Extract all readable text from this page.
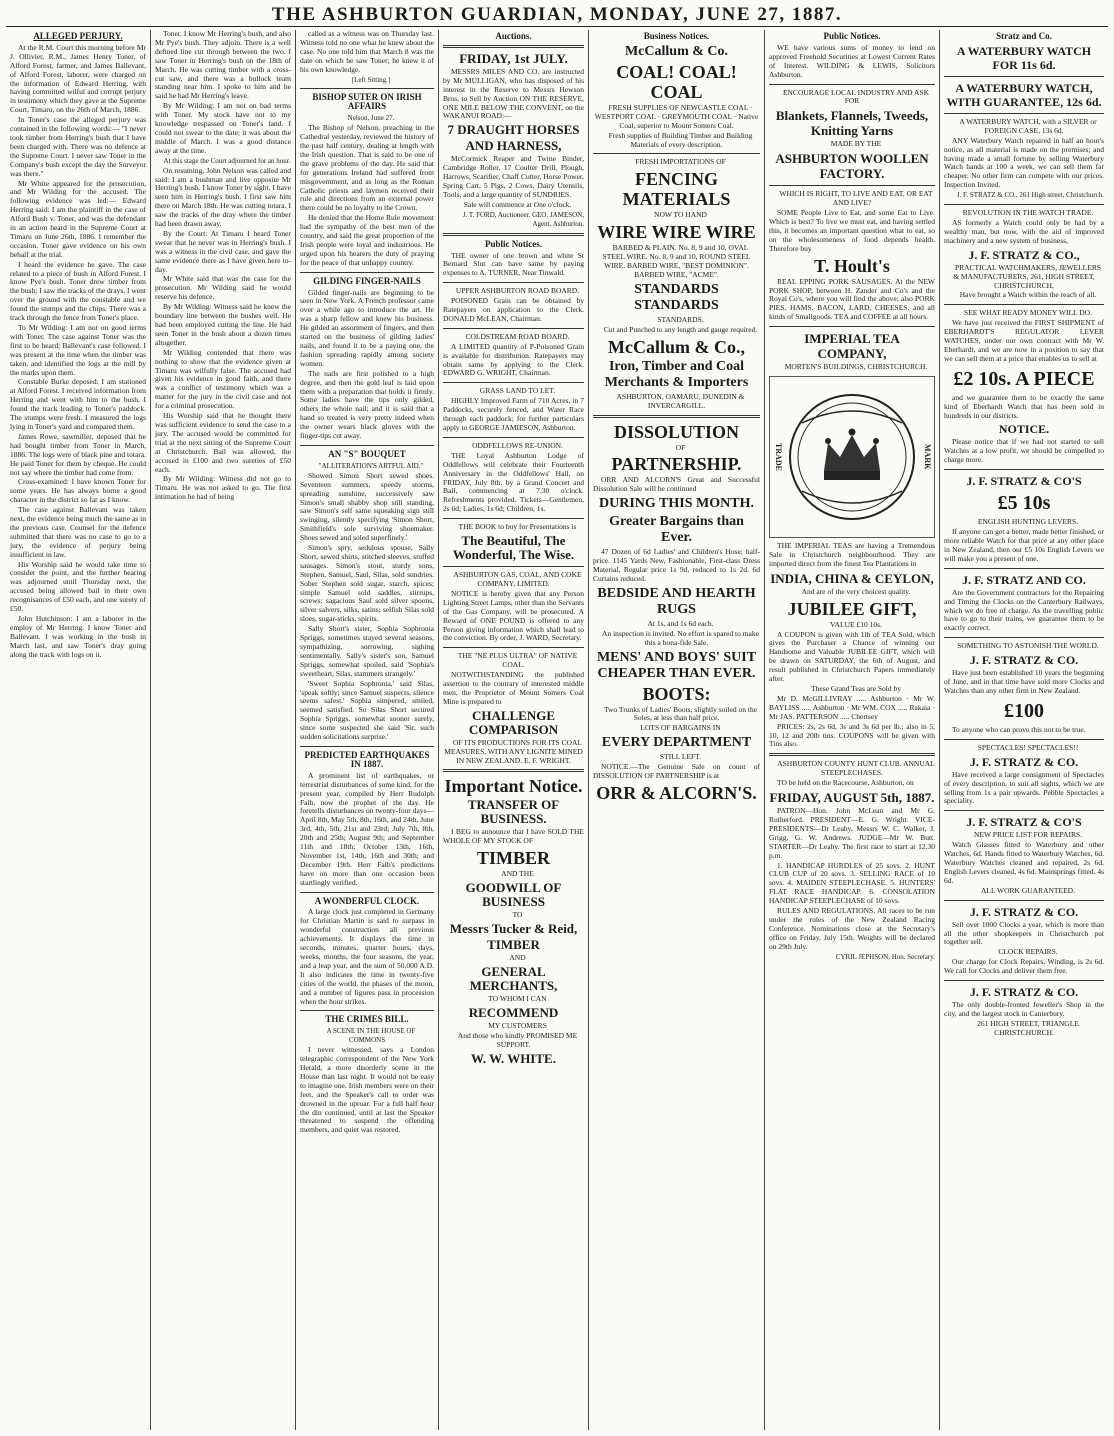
THE ASHBURTON GUARDIAN, MONDAY, JUNE 27, 1887.
ALLEGED PERJURY.

At the R.M. Court this morning before Mr J. Ollivier, R.M., James Henry Toner, of Alford Forest, farmer, and James Ballevant, of Alford Forest, laborer, were charged on the information of Edward Herring, with having committed wilful and corrupt perjury in testimony which they gave at the Supreme Court, Timaru, on the 26th of March, 1886.

In Toner's case the alleged perjury was contained in the following words:— "I never took timber from Herring's bush that I have been charged with. There was no defence at the Supreme Court. I never saw Toner in the Company's bush except the day the Surveyor was there."

Mr White appeared for the prosecution, and Mr Wilding for the accused. The following evidence was led:— Edward Herring said: I am the plaintiff in the case of Alford Bush v. Toner, and was the defendant in an action heard in the Supreme Court at Timaru on June 26th, 1886. I remember the occasion. Toner gave evidence on his own behalf at the trial.

I heard the evidence he gave. The case related to a piece of bush in Alford Forest. I know Pye's bush. Toner drew timber from the bush; I saw the tracks of the drays. I went over the ground with the constable and we found the stumps and the chips. There was a track through the fence from Toner's place.

To Mr Wilding: I am not on good terms with Toner. The case against Toner was the first to be heard; Ballevant's case followed. I was present at the time when the timber was taken, and identified the logs at the mill by the marks upon them.

Constable Burke deposed: I am stationed at Alford Forest. I received information from Herring and went with him to the bush. I found the track leading to Toner's paddock. The stumps were fresh. I measured the logs lying in Toner's yard and compared them.

James Rowe, sawmiller, deposed that he had bought timber from Toner in March, 1886. The logs were of black pine and totara. He paid Toner for them by cheque. He could not say where the timber had come from.

Cross-examined: I have known Toner for some years. He has always borne a good character in the district so far as I know.

The case against Ballevant was taken next, the evidence being much the same as in the previous case. Counsel for the defence submitted that there was no case to go to a jury, the evidence of perjury being insufficient in law.

His Worship said he would take time to consider the point, and the further hearing was adjourned until Thursday next, the accused being allowed bail in their own recognisances of £50 each, and one surety of £50.

John Hutchinson: I am a laborer in the employ of Mr Herring. I know Toner and Ballevant. I was working in the bush in March last, and saw Toner's dray going along the track with logs on it.

Toner. I know Mr Herring's bush, and also Mr Pye's bush. They adjoin. There is a well defined line cut through between the two. I saw Toner in Herring's bush on the 18th of March. He was cutting timber with a cross-cut saw, and there was a bullock team standing near him. I spoke to him and he said he had Mr Herring's leave.

By Mr Wilding: I am not on bad terms with Toner. My stock have not to my knowledge trespassed on Toner's land. I could not swear to the date; it was about the middle of March. I was a good distance away at the time.

At this stage the Court adjourned for an hour.

On resuming, John Nelson was called and said: I am a bushman and live opposite Mr Herring's bush. I know Toner by sight. I have seen him in Herring's bush. I first saw him there on March 18th. He was cutting totara. I saw the tracks of the dray where the timber had been drawn away.

By the Court: At Timaru I heard Toner swear that he never was in Herring's bush. I was a witness in the civil case, and gave the same evidence there as I have given here to-day.

Mr White said that was the case for the prosecution. Mr Wilding said he would reserve his defence.

By Mr Wilding: Witness said he knew the boundary line between the bushes well. He had been employed cutting the line. He had seen Toner in the bush about a dozen times altogether.

Mr Wilding contended that there was nothing to show that the evidence given at Timaru was wilfully false. The accused had given his evidence in good faith, and there was a conflict of testimony which was a matter for the jury in the civil case and not for a criminal prosecution.

His Worship said that he thought there was sufficient evidence to send the case to a jury. The accused would be committed for trial at the next sitting of the Supreme Court at Christchurch. Bail was allowed, the accused in £100 and two sureties of £50 each.

By Mr Wilding: Witness did not go to Timaru. He was not asked to go. The first intimation he had of being

called as a witness was on Thursday last. Witness told no one what he knew about the case. No one told him that March 8 was the date on which he saw Toner; he knew it of his own knowledge.

[Left Sitting.]

BISHOP SUTER ON IRISH AFFAIRS

Nelson, June 27.

The Bishop of Nelson, preaching in the Cathedral yesterday, reviewed the history of the past half century, dealing at length with the Irish question. That is said to be one of the grave problems of the day. He said that for generations Ireland had suffered from misgovernment, and as long as the Roman Catholic priests and laymen received their rule and directions from an external power there could be no loyalty to the Crown.

He denied that the Home Rule movement had the sympathy of the best men of the country, and said the great proportion of the Irish people were loyal and industrious. He urged upon his hearers the duty of praying for the peace of that unhappy country.

GILDING FINGER-NAILS

Gilded finger-nails are beginning to be seen in New York. A French professor came over a while ago to introduce the art. He was a sharp fellow and knew his business. He gilded an assortment of fingers, and then started on the business of gilding ladies' nails, and found it to be a paying one, the fashion spreading rapidly among society women.

The nails are first polished to a high degree, and then the gold leaf is laid upon them with a preparation that holds it firmly. Some ladies have the tips only gilded, others the whole nail; and it is said that a hand so treated is very pretty indeed when the owner wears black gloves with the finger-tips cut away.

AN "S" BOUQUET

"ALLITERATION'S ARTFUL AID."

Showed Simon Short sewed shoes. Seventeen summers, speedy storms, spreading sunshine, successively saw Simon's small shabby shop still standing, saw Simon's self same squeaking sign still swinging, silently specifying 'Simon Short, Smithfield's sole surviving shoemaker. Shoes sewed and soled superfinely.'

Simon's spry, sedulous spouse, Sally Short, sewed shirts, stitched sleeves, stuffed sausages. Simon's stout, sturdy sons, Stephen, Samuel, Saul, Silas, sold sundries. Sober Stephen sold sugar, starch, spices; simple Samuel sold saddles, stirrups, screws; sagacious Saul sold silver spoons, silver salvers, silks, satins; selfish Silas sold sloes, sugar-sticks, spirits.

Sally Short's sister, Sophia Sophronia Spriggs, sometimes stayed several seasons, sympathizing, sorrowing, sighing sentimentally. Sally's sister's son, Samuel Spriggs, somewhat spoiled, said 'Sophia's sweetheart, Silas, stammers strangely.'

'Sweet Sophia Sophronia,' said Silas, 'speak softly; since Samuel suspects, silence seems safest.' Sophia simpered, smiled, seemed satisfied. So Silas Short secured Sophia Spriggs, somewhat sooner surely, since some suspected she said 'Sir, such sudden solicitations surprise.'

PREDICTED EARTHQUAKES IN 1887.

A prominent list of earthquakes, or terrestrial disturbances of some kind, for the present year, compiled by Herr Rudolph Falb, now the prophet of the day. He foretells disturbances on twenty-four days—April 8th, May 5th, 8th, 16th, and 24th, June 3rd, 4th, 5th, 21st and 23rd; July 7th, 8th, 20th and 25th; August 9th; and September 11th and 18th; October 13th, 16th, November 1st, 14th, 16th and 30th; and December 19th. Herr Falb's predictions have on more than one occasion been startlingly verified.

A WONDERFUL CLOCK.

A large clock just completed in Germany for Christian Martin is said to surpass in wonderful construction all previous achievements. It displays the time in seconds, minutes, quarter hours, days, weeks, months, the four seasons, the year, and a leap year, and the sum of 50,000 A.D. It also indicates the time in twenty-five cities of the world, the phases of the moon, and a number of figures pass in procession when the hour strikes.

THE CRIMES BILL.

A SCENE IN THE HOUSE OF COMMONS

I never witnessed, says a London telegraphic correspondent of the New York Herald, a more disorderly scene in the House than last night. It would not be easy to imagine one. Irish members were on their feet, and the Speaker's call to order was drowned in the uproar. For a full half hour the din continued, until at last the Speaker threatened to suspend the offending members, and quiet was restored.

Auctions.
FRIDAY, 1st JULY.

MESSRS MILES AND CO. are instructed by Mr MULLIGAN, who has disposed of his interest in the Reserve to Messrs Hewson Bros, to Sell by Auction ON THE RESERVE, ONE MILE BELOW THE CONVENT, on the WAKANUI ROAD:—

7 DRAUGHT HORSES
AND HARNESS,

McCormick Reaper and Twine Binder, Cambridge Roller, 17 Coulter Drill, Plough, Harrows, Scarifier, Chaff Cutter, Horse Power, Spring Cart, 5 Pigs, 2 Cows, Dairy Utensils, Tools, and a large quantity of SUNDRIES.

Sale will commence at One o'clock.

J. T. FORD, Auctioneer. GEO. JAMESON, Agent, Ashburton.

Public Notices.

THE owner of one brown and white St Bernard Slut can have same by paying expenses to A. TURNER, Near Tinwald.

UPPER ASHBURTON ROAD BOARD.

POISONED Grain can be obtained by Ratepayers on application to the Clerk. DONALD McLEAN, Chairman.

COLDSTREAM ROAD BOARD.

A LIMITED quantity of P-Poisoned Grain is available for distribution. Ratepayers may obtain same by applying to the Clerk. EDWARD G. WRIGHT, Chairman.

GRASS LAND TO LET.

HIGHLY Improved Farm of 710 Acres, in 7 Paddocks, securely fenced, and Water Race through each paddock; for further particulars apply to GEORGE JAMIESON, Ashburton.

ODDFELLOWS RE-UNION.

THE Loyal Ashburton Lodge of Oddfellows will celebrate their Fourteenth Anniversary in the Oddfellows' Hall, on FRIDAY, July 8th, by a Grand Concert and Ball, commencing at 7.30 o'clock. Refreshments provided. Tickets—Gentlemen, 2s 6d; Ladies, 1s 6d; Children, 1s.

THE BOOK to buy for Presentations is

The Beautiful, The Wonderful, The Wise.

ASHBURTON GAS, COAL, AND COKE COMPANY, LIMITED.

NOTICE is hereby given that any Person Lighting Street Lamps, other than the Servants of the Gas Company, will be prosecuted. A Reward of ONE POUND is offered to any Person giving information which shall lead to the conviction. By order, J. WARD, Secretary.

THE "NE PLUS ULTRA" OF NATIVE COAL.

NOTWITHSTANDING the published assertion to the contrary of interested middle men, the Proprietor of Mount Somers Coal Mine is prepared to

CHALLENGE COMPARISON

OF ITS PRODUCTIONS FOR ITS COAL MEASURES, WITH ANY LIGNITE MINED IN NEW ZEALAND. E. F. WRIGHT.

Important Notice.
TRANSFER OF BUSINESS.

I BEG to announce that I have SOLD THE WHOLE OF MY STOCK OF

TIMBER

AND THE

GOODWILL OF BUSINESS

TO

Messrs Tucker & Reid,
TIMBER

AND

GENERAL MERCHANTS,

TO WHOM I CAN

RECOMMEND

MY CUSTOMERS

And those who kindly PROMISED ME SUPPORT.

W. W. WHITE.
Business Notices.
McCallum & Co.
COAL! COAL! COAL

FRESH SUPPLIES OF NEWCASTLE COAL · WESTPORT COAL · GREYMOUTH COAL · Native Coal, superior to Mount Somers Coal.

Fresh supplies of Building Timber and Building Materials of every description.

FRESH IMPORTATIONS OF

FENCING MATERIALS

NOW TO HAND

WIRE WIRE WIRE

BARBED & PLAIN. No. 8, 9 and 10, OVAL STEEL WIRE. No. 8, 9 and 10, ROUND STEEL WIRE. BARBED WIRE, "BEST DOMINION". BARBED WIRE, "ACME".

STANDARDS STANDARDS

STANDARDS.

Cut and Punched to any length and gauge required.

McCallum & Co.,
Iron, Timber and Coal Merchants & Importers

ASHBURTON, OAMARU, DUNEDIN & INVERCARGILL.

DISSOLUTION

OF

PARTNERSHIP.

ORR AND ALCORN'S Great and Successful Dissolution Sale will be continued

DURING THIS MONTH.
Greater Bargains than Ever.

47 Dozen of 6d Ladies' and Children's Hose; half-price. 1145 Yards New, Fashionable, First-class Dress Material, Regular price 1s 9d, reduced to 1s 2d. 6d Curtains reduced.

BEDSIDE AND HEARTH RUGS

At 1s, and 1s 6d each.

An inspection is invited. No effort is spared to make this a bona-fide Sale.

MENS' AND BOYS' SUIT CHEAPER THAN EVER.
BOOTS:

Two Trunks of Ladies' Boots, slightly soiled on the Soles, at less than half price.

LOTS OF BARGAINS IN

EVERY DEPARTMENT

STILL LEFT.

NOTICE.—The Genuine Sale on count of DISSOLUTION OF PARTNERSHIP is at

ORR & ALCORN'S.
Public Notices.

WE have various sums of money to lend on approved Freehold Securities at Lowest Current Rates of Interest. WILDING & LEWIS, Solicitors Ashburton.

ENCOURAGE LOCAL INDUSTRY AND ASK FOR

Blankets, Flannels, Tweeds, Knitting Yarns

MADE BY THE

ASHBURTON WOOLLEN FACTORY.

WHICH IS RIGHT, TO LIVE AND EAT, OR EAT AND LIVE?

SOME People Live to Eat, and some Eat to Live. Which is best? To live we must eat, and having settled this, it becomes an important question what to eat, so on the wholesomeness of food depends health. Therefore buy

T. Hoult's

REAL EPPING PORK SAUSAGES. At the NEW PORK SHOP, between H. Zander and Co's and the Royal Co's, where you will find the above; also PORK PIES, HAMS, BACON, LARD, CHEESES, and all kinds of Smallgoods. TEA and COFFEE at all hours.

IMPERIAL TEA COMPANY,

MORTEN'S BUILDINGS, CHRISTCHURCH.

TRADE	MARK

THE IMPERIAL TEAS are having a Tremendous Sale in Christchurch neighbourhood. They are imported direct from the finest Tea Plantations in

INDIA, CHINA & CEYLON,

And are of the very choicest quality.

JUBILEE GIFT,

VALUE £10 10s.

A COUPON is given with 1lb of TEA Sold, which gives the Purchaser a Chance of winning our Handsome and Valuable JUBILEE GIFT, which will be drawn on SATURDAY, the 6th of August, and result published in Christchurch Papers immediately after.

These Grand Teas are Sold by

Mr D. McGILLIVRAY ..... Ashburton · Mr W. BAYLISS ..... Ashburton · Mr WM. COX ..... Rakaia · Mr JAS. PATTERSON ..... Chertsey

PRICES: 2s, 2s 6d, 3s and 3s 6d per lb.; also in 5, 10, 12 and 20lb tins. COUPONS will be given with Tins also.

ASHBURTON COUNTY HUNT CLUB. ANNUAL STEEPLECHASES.

TO be held on the Racecourse, Ashburton, on

FRIDAY, AUGUST 5th, 1887.

PATRON—Hon. John McLean and Mr G. Rutherford. PRESIDENT—E. G. Wright. VICE-PRESIDENTS—Dr Leahy, Messrs W. C. Walker, J. Grigg, G. W. Andrews. JUDGE—Mr W. Butt. STARTER—Dr Leahy. The first race to start at 12.30 p.m.

1. HANDICAP HURDLES of 25 sovs. 2. HUNT CLUB CUP of 20 sovs. 3. SELLING RACE of 10 sovs. 4. MAIDEN STEEPLECHASE. 5. HUNTERS' FLAT RACE HANDICAP. 6. CONSOLATION HANDICAP STEEPLECHASE of 10 sovs.

RULES AND REGULATIONS. All races to be run under the rules of the New Zealand Racing Conference. Nominations close at the Secretary's office on Friday, July 15th. Weights will be declared on 29th July.

CYRIL JEPHSON, Hon. Secretary.

Stratz and Co.
A WATERBURY WATCH FOR 11s 6d.
A WATERBURY WATCH, WITH GUARANTEE, 12s 6d.

A WATERBURY WATCH, with a SILVER or FOREIGN CASE, 13s 6d.

ANY Waterbury Watch repaired in half an hour's notice, as all material is made on the premises; and having made a small fortune by selling Waterbury Watch hands at 100 a week, we can sell them far cheaper. No other firm can compete with our prices. Inspection Invited.

J. F. STRATZ & CO., 261 High street, Christchurch.

REVOLUTION IN THE WATCH TRADE.

AS formerly a Watch could only be had by a wealthy man, but now, with the aid of improved machinery and a new system of business,

J. F. STRATZ & CO.,

PRACTICAL WATCHMAKERS, JEWELLERS & MANUFACTURERS, 261, HIGH STREET, CHRISTCHURCH,

Have brought a Watch within the reach of all.

SEE WHAT READY MONEY WILL DO.

We have just received the FIRST SHIPMENT of EBERHARDT'S REGULATOR LEVER WATCHES, under our own contract with Mr W. Eberhardt, and we are now in a position to say that we can sell them at a price that enables us to sell at

£2 10s. A PIECE

and we guarantee them to be exactly the same kind of Eberhardt Watch that has been sold in hundreds in our districts.

NOTICE.

Please notice that if we had not started to sell Watches at a low profit, we should be compelled to charge more.

J. F. STRATZ & CO'S
£5 10s

ENGLISH HUNTING LEVERS.

If anyone can get a better, made better finished, or more reliable Watch for that price at any other place in New Zealand, then our £5 10s English Levers we will make you a present of one.

J. F. STRATZ AND CO.

Are the Government contractors for the Repairing and Timing the Clocks on the Canterbury Railways, which we do free of charge. As the travelling public have to go to their trains, we guarantee them to be exactly correct.

SOMETHING TO ASTONISH THE WORLD.

J. F. STRATZ & CO.

Have just been established 10 years the beginning of June, and in that time have sold more Clocks and Watches than any other firm in New Zealand.

£100

To anyone who can prove this not to be true.

SPECTACLES! SPECTACLES!!

J. F. STRATZ & CO.

Have received a large consignment of Spectacles of every description, to suit all sights, which we are selling from 1s a pair upwards. Pebble Spectacles a speciality.

J. F. STRATZ & CO'S

NEW PRICE LIST FOR REPAIRS.

Watch Glasses fitted to Waterbury and other Watches, 6d. Hands fitted to Waterbury Watches, 6d. Waterbury Watches cleaned and repaired, 2s 6d. English Levers cleaned, 4s 6d. Mainsprings fitted, 4s 6d.

ALL WORK GUARANTEED.

J. F. STRATZ & CO.

Sell over 1000 Clocks a year, which is more than all the other shopkeepers in Christchurch put together sell.

CLOCK REPAIRS.

Our charge for Clock Repairs, Winding, is 2s 6d. We call for Clocks and deliver them free.

J. F. STRATZ & CO.

The only double-fronted Jeweller's Shop in the city, and the largest stock in Canterbury.

261 HIGH STREET, TRIANGLE CHRISTCHURCH.
